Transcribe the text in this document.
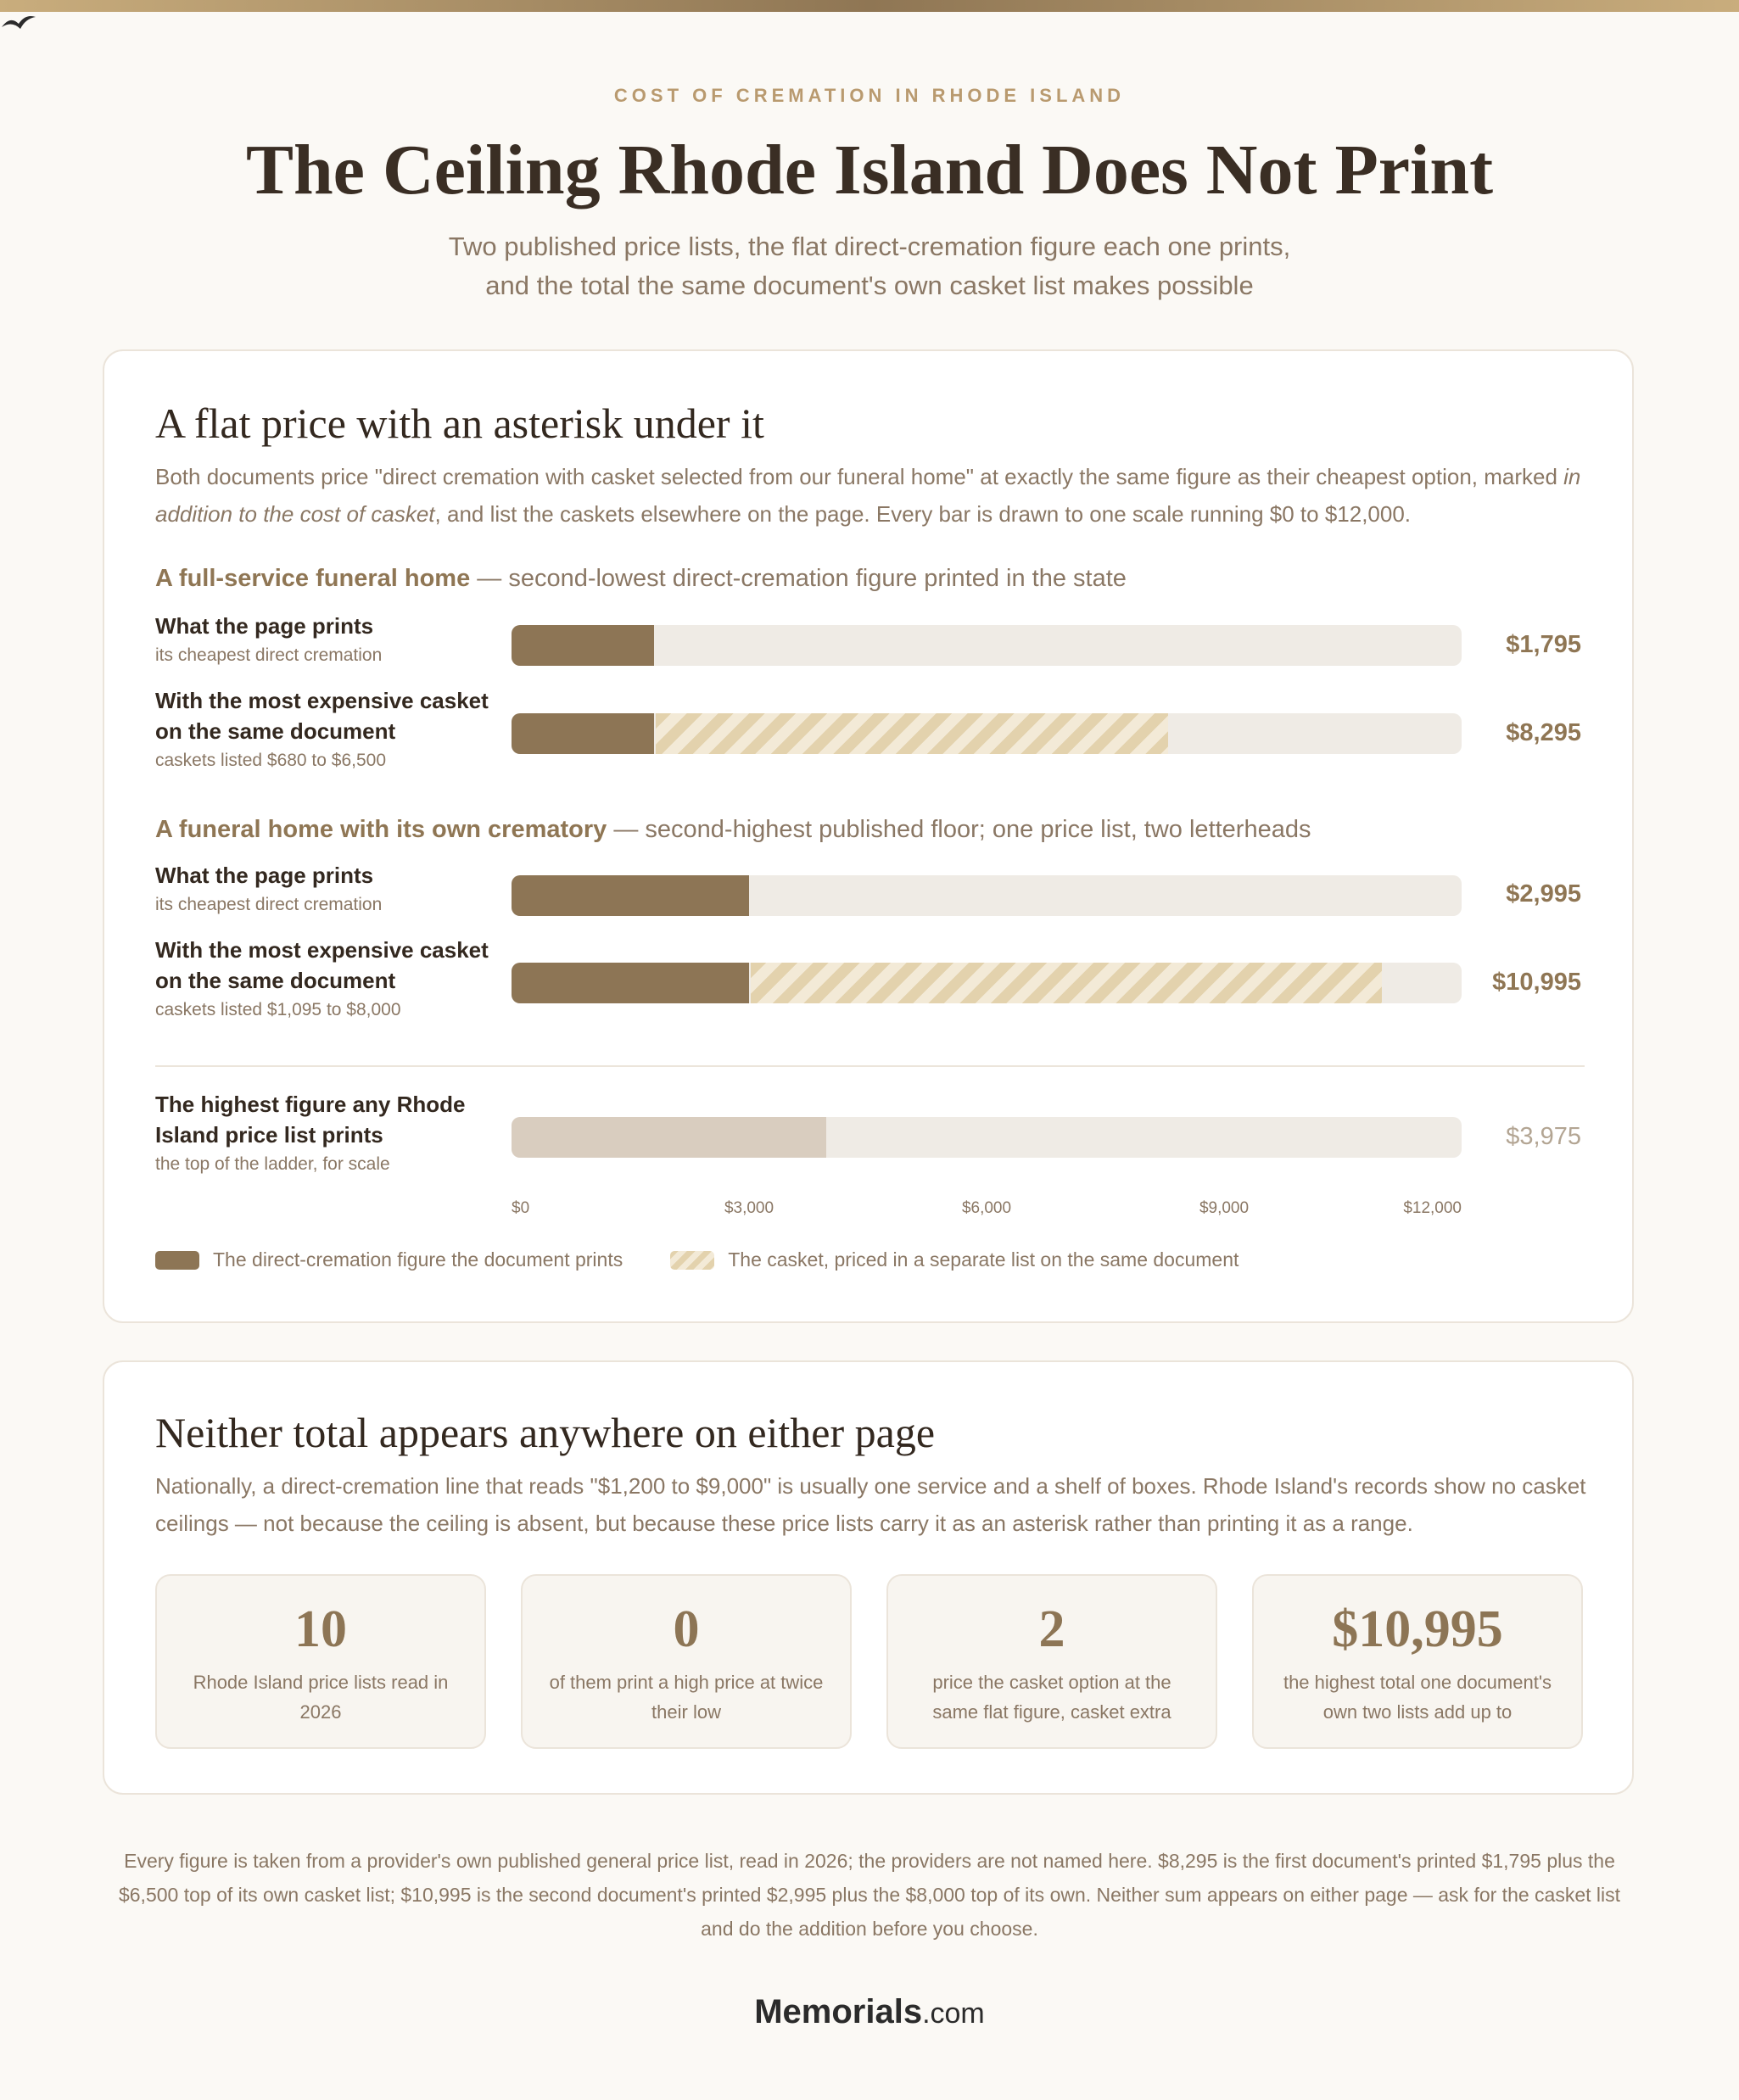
COST OF CREMATION IN RHODE ISLAND
The Ceiling Rhode Island Does Not Print
Two published price lists, the flat direct-cremation figure each one prints,
and the total the same document's own casket list makes possible
A flat price with an asterisk under it
Both documents price "direct cremation with casket selected from our funeral home" at exactly the same figure as their cheapest option, marked in addition to the cost of casket, and list the caskets elsewhere on the page. Every bar is drawn to one scale running $0 to $12,000.
A full-service funeral home — second-lowest direct-cremation figure printed in the state
What the page prints
its cheapest direct cremation	$1,795
With the most expensive casket on the same document
caskets listed $680 to $6,500
$8,295
A funeral home with its own crematory — second-highest published floor; one price list, two letterheads
What the page prints
its cheapest direct cremation	$2,995
With the most expensive casket on the same document
caskets listed $1,095 to $8,000
$10,995
The highest figure any Rhode Island price list prints
the top of the ladder, for scale
$3,975
$0	$3,000	$6,000	$9,000	$12,000
The direct-cremation figure the document prints	The casket, priced in a separate list on the same document
Neither total appears anywhere on either page
Nationally, a direct-cremation line that reads "$1,200 to $9,000" is usually one service and a shelf of boxes. Rhode Island's records show no casket ceilings — not because the ceiling is absent, but because these price lists carry it as an asterisk rather than printing it as a range.
10
Rhode Island price lists read in 2026
0
of them print a high price at twice their low
2
price the casket option at the same flat figure, casket extra
$10,995
the highest total one document's own two lists add up to
Every figure is taken from a provider's own published general price list, read in 2026; the providers are not named here. $8,295 is the first document's printed $1,795 plus the $6,500 top of its own casket list; $10,995 is the second document's printed $2,995 plus the $8,000 top of its own. Neither sum appears on either page — ask for the casket list and do the addition before you choose.
Memorials.com
